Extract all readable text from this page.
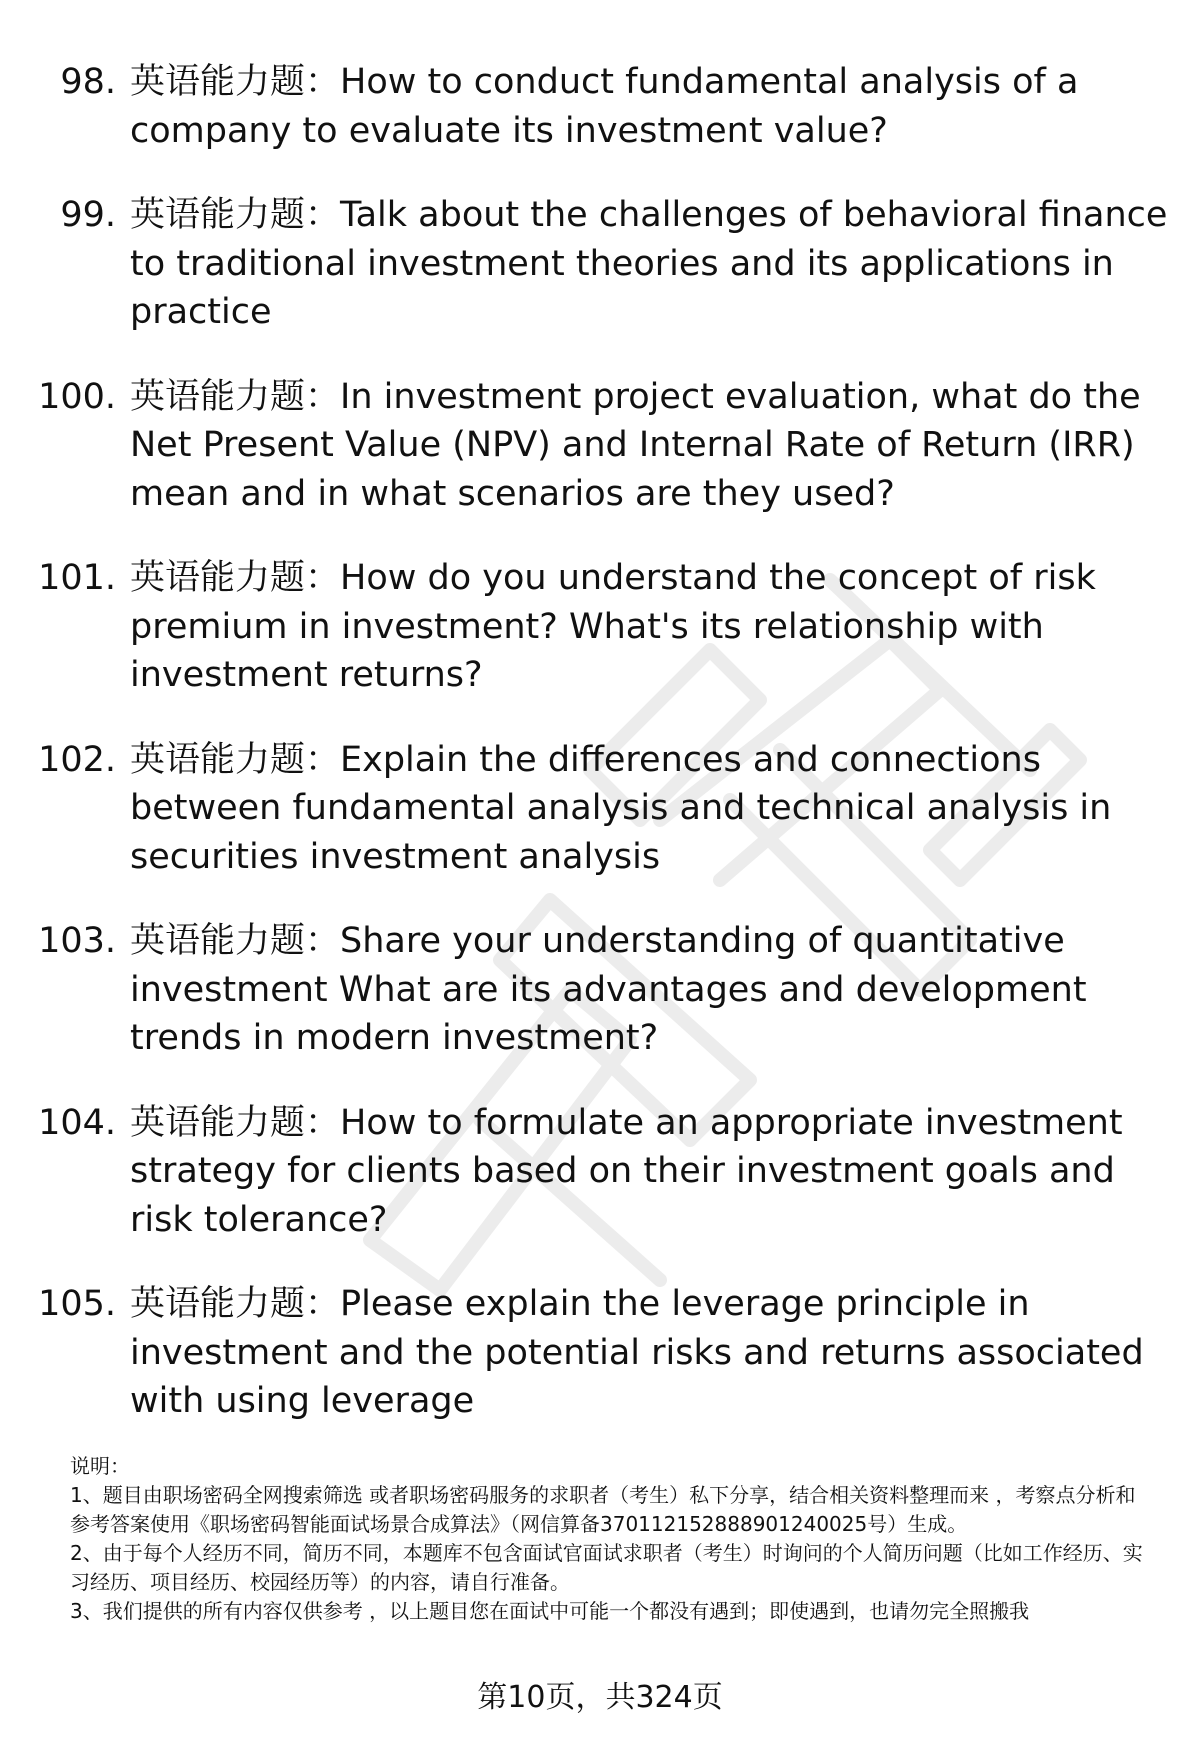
98. 英语能力题：How to conduct fundamental analysis of a company to evaluate its investment value?
99. 英语能力题：Talk about the challenges of behavioral finance to traditional investment theories and its applications in practice
100. 英语能力题：In investment project evaluation, what do the Net Present Value (NPV) and Internal Rate of Return (IRR) mean and in what scenarios are they used?
101. 英语能力题：How do you understand the concept of risk premium in investment? What's its relationship with investment returns?
102. 英语能力题：Explain the differences and connections between fundamental analysis and technical analysis in securities investment analysis
103. 英语能力题：Share your understanding of quantitative investment What are its advantages and development trends in modern investment?
104. 英语能力题：How to formulate an appropriate investment strategy for clients based on their investment goals and risk tolerance?
105. 英语能力题：Please explain the leverage principle in investment and the potential risks and returns associated with using leverage

说明：

1、题目由职场密码全网搜索筛选 或者职场密码服务的求职者（考生）私下分享，结合相关资料整理而来 ，考察点分析和参考答案使用《职场密码智能面试场景合成算法》（网信算备370112152888901240025号）生成。

2、由于每个人经历不同，简历不同，本题库不包含面试官面试求职者（考生）时询问的个人简历问题（比如工作经历、实习经历、项目经历、校园经历等）的内容，请自行准备。

3、我们提供的所有内容仅供参考 ，以上题目您在面试中可能一个都没有遇到；即使遇到，也请勿完全照搬我

第10页，共324页
